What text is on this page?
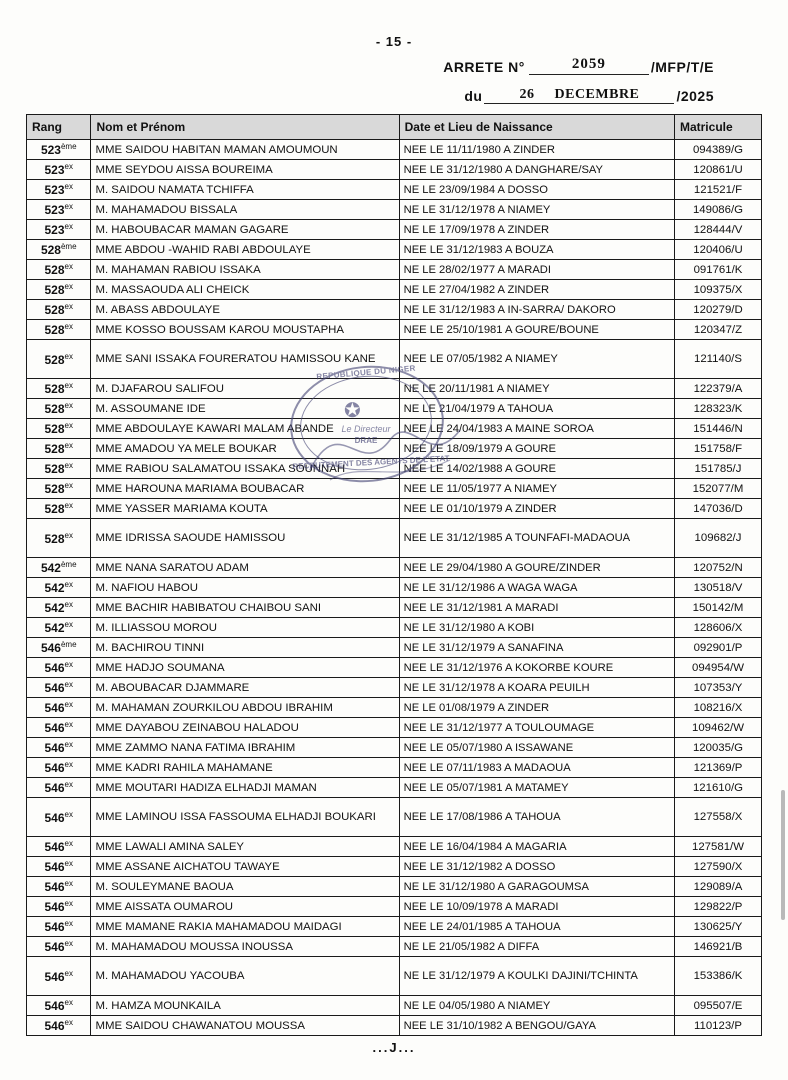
- 15 -
ARRETE N°	2059	/MFP/T/E
du	26 DECEMBRE	/2025
Rang	Nom et Prénom	Date et Lieu de Naissance	Matricule
523ème	MME SAIDOU HABITAN MAMAN AMOUMOUN	NEE LE 11/11/1980 A ZINDER	094389/G
$523^{ex}$	MME SEYDOU AISSA BOUREIMA	NEE LE 31/12/1980 A DANGHARE/SAY	120861/U
$523^{ex}$	M. SAIDOU NAMATA TCHIFFA	NE LE 23/09/1984 A DOSSO	121521/F
$523^{ex}$	M. MAHAMADOU BISSALA	NE LE 31/12/1978 A NIAMEY	149086/G
$523^{ex}$	M. HABOUBACAR MAMAN GAGARE	NE LE 17/09/1978 A ZINDER	128444/V
528ème	MME ABDOU -WAHID RABI ABDOULAYE	NEE LE 31/12/1983 A BOUZA	120406/U
$528^{ex}$	M. MAHAMAN RABIOU ISSAKA	NE LE 28/02/1977 A MARADI	091761/K
$528^{ex}$	M. MASSAOUDA ALI CHEICK	NE LE 27/04/1982 A ZINDER	109375/X
$528^{ex}$	M. ABASS ABDOULAYE	NE LE 31/12/1983 A IN-SARRA/ DAKORO	120279/D
$528^{ex}$	MME KOSSO BOUSSAM KAROU MOUSTAPHA	NEE LE 25/10/1981 A GOURE/BOUNE	120347/Z
$528^{ex}$	MME SANI ISSAKA FOURERATOU HAMISSOU KANE	NEE LE 07/05/1982 A NIAMEY	121140/S
$528^{ex}$	M. DJAFAROU SALIFOU	NE LE 20/11/1981 A NIAMEY	122379/A
$528^{ex}$	M. ASSOUMANE IDE	NE LE 21/04/1979 A TAHOUA	128323/K
$528^{ex}$	MME ABDOULAYE KAWARI MALAM ABANDE	NEE LE 24/04/1983 A MAINE SOROA	151446/N
$528^{ex}$	MME AMADOU YA MELE BOUKAR	NEE LE 18/09/1979 A GOURE	151758/F
$528^{ex}$	MME RABIOU SALAMATOU ISSAKA SOUNNAH	NEE LE 14/02/1988 A GOURE	151785/J
$528^{ex}$	MME HAROUNA MARIAMA BOUBACAR	NEE LE 11/05/1977 A NIAMEY	152077/M
$528^{ex}$	MME YASSER MARIAMA KOUTA	NEE LE 01/10/1979 A ZINDER	147036/D
$528^{ex}$	MME IDRISSA SAOUDE HAMISSOU	NEE LE 31/12/1985 A TOUNFAFI-MADAOUA	109682/J
542ème	MME NANA SARATOU ADAM	NEE LE 29/04/1980 A GOURE/ZINDER	120752/N
$542^{ex}$	M. NAFIOU HABOU	NE LE 31/12/1986 A WAGA WAGA	130518/V
$542^{ex}$	MME BACHIR HABIBATOU CHAIBOU SANI	NEE LE 31/12/1981 A MARADI	150142/M
$542^{ex}$	M. ILLIASSOU MOROU	NE LE 31/12/1980 A KOBI	128606/X
546ème	M. BACHIROU TINNI	NE LE 31/12/1979 A SANAFINA	092901/P
$546^{ex}$	MME HADJO SOUMANA	NEE LE 31/12/1976 A KOKORBE KOURE	094954/W
$546^{ex}$	M. ABOUBACAR DJAMMARE	NE LE 31/12/1978 A KOARA PEUILH	107353/Y
$546^{ex}$	M. MAHAMAN ZOURKILOU ABDOU IBRAHIM	NE LE 01/08/1979 A ZINDER	108216/X
$546^{ex}$	MME DAYABOU ZEINABOU HALADOU	NEE LE 31/12/1977 A TOULOUMAGE	109462/W
$546^{ex}$	MME ZAMMO NANA FATIMA IBRAHIM	NEE LE 05/07/1980 A ISSAWANE	120035/G
$546^{ex}$	MME KADRI RAHILA MAHAMANE	NEE LE 07/11/1983 A MADAOUA	121369/P
$546^{ex}$	MME MOUTARI HADIZA ELHADJI MAMAN	NEE LE 05/07/1981 A MATAMEY	121610/G
$546^{ex}$	MME LAMINOU ISSA FASSOUMA ELHADJI BOUKARI	NEE LE 17/08/1986 A TAHOUA	127558/X
$546^{ex}$	MME LAWALI AMINA SALEY	NEE LE 16/04/1984 A MAGARIA	127581/W
$546^{ex}$	MME ASSANE AICHATOU TAWAYE	NEE LE 31/12/1982 A DOSSO	127590/X
$546^{ex}$	M. SOULEYMANE BAOUA	NE LE 31/12/1980 A GARAGOUMSA	129089/A
$546^{ex}$	MME AISSATA OUMAROU	NEE LE 10/09/1978 A MARADI	129822/P
$546^{ex}$	MME MAMANE RAKIA MAHAMADOU MAIDAGI	NEE LE 24/01/1985 A TAHOUA	130625/Y
$546^{ex}$	M. MAHAMADOU MOUSSA INOUSSA	NE LE 21/05/1982 A DIFFA	146921/B
$546^{ex}$	M. MAHAMADOU YACOUBA	NE LE 31/12/1979 A KOULKI DAJINI/TCHINTA	153386/K
$546^{ex}$	M. HAMZA MOUNKAILA	NE LE 04/05/1980 A NIAMEY	095507/E
$546^{ex}$	MME SAIDOU CHAWANATOU MOUSSA	NEE LE 31/10/1982 A BENGOU/GAYA	110123/P
...J...
REPUBLIQUE DU NIGER
✪
Le Directeur
DRAE
RECRUTEMENT DES AGENTS DE L'ETAT
